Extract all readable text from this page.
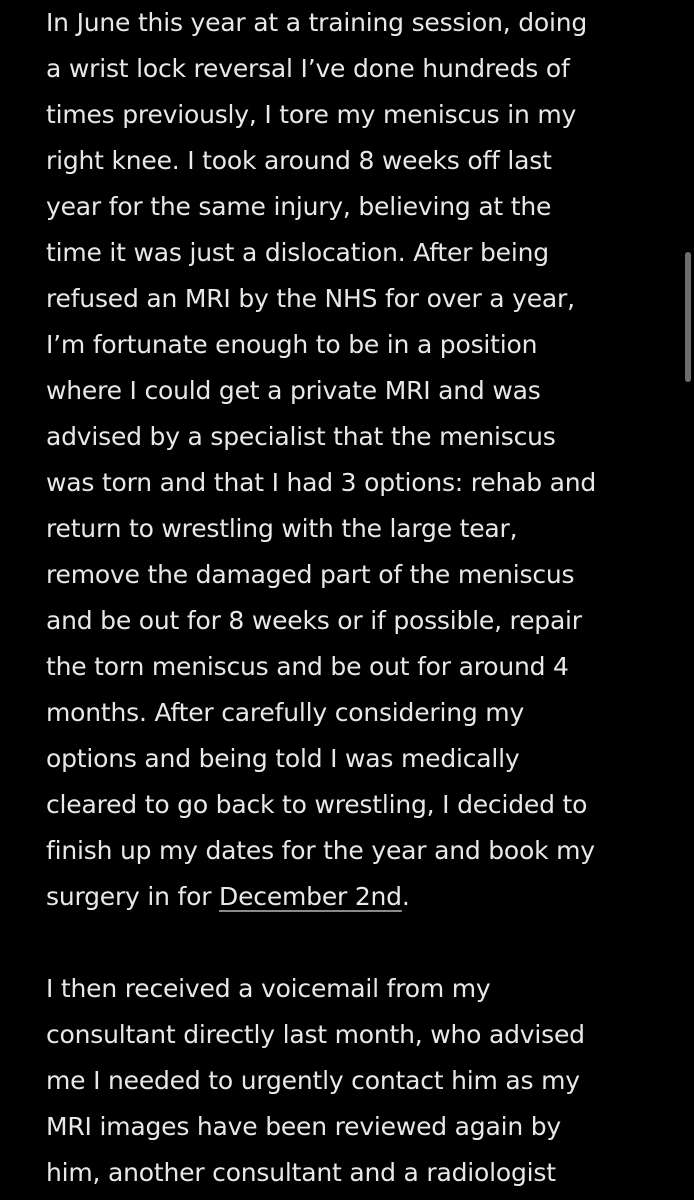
In June this year at a training session, doing
a wrist lock reversal I’ve done hundreds of
times previously, I tore my meniscus in my
right knee. I took around 8 weeks off last
year for the same injury, believing at the
time it was just a dislocation. After being
refused an MRI by the NHS for over a year,
I’m fortunate enough to be in a position
where I could get a private MRI and was
advised by a specialist that the meniscus
was torn and that I had 3 options: rehab and
return to wrestling with the large tear,
remove the damaged part of the meniscus
and be out for 8 weeks or if possible, repair
the torn meniscus and be out for around 4
months. After carefully considering my
options and being told I was medically
cleared to go back to wrestling, I decided to
finish up my dates for the year and book my
surgery in for December 2nd.
I then received a voicemail from my
consultant directly last month, who advised
me I needed to urgently contact him as my
MRI images have been reviewed again by
him, another consultant and a radiologist
